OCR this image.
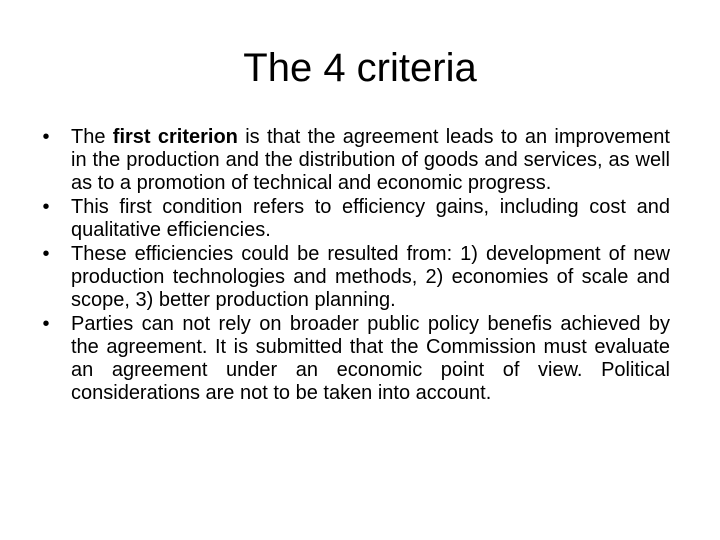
The 4 criteria
•	The first criterion is that the agreement leads to an improvement in the production and the distribution of goods and services, as well as to a promotion of technical and economic progress.
•	This first condition refers to efficiency gains, including cost and qualitative efficiencies.
•	These efficiencies could be resulted from: 1) development of new production technologies and methods, 2) economies of scale and scope, 3) better production planning.
•	Parties can not rely on broader public policy benefis achieved by the agreement. It is submitted that the Commission must evaluate an agreement under an economic point of view. Political considerations are not to be taken into account.
